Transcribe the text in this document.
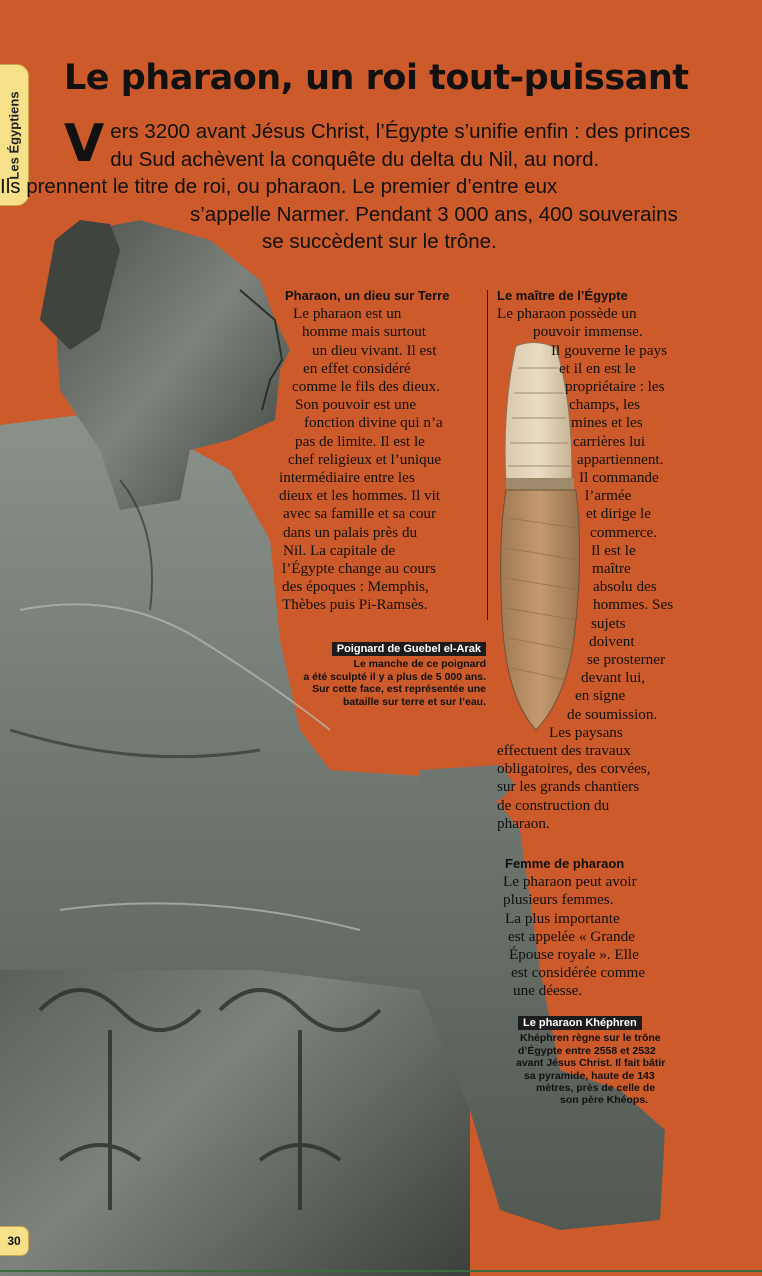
Les Égyptiens
Le pharaon, un roi tout-puissant
V ers 3200 avant Jésus Christ, l’Égypte s’unifie enfin : des princes
du Sud achèvent la conquête du delta du Nil, au nord.
Ils prennent le titre de roi, ou pharaon. Le premier d’entre eux
s’appelle Narmer. Pendant 3 000 ans, 400 souverains
se succèdent sur le trône.
Pharaon, un dieu sur Terre
Le pharaon est un
homme mais surtout
un dieu vivant. Il est
en effet considéré
comme le fils des dieux.
Son pouvoir est une
fonction divine qui n’a
pas de limite. Il est le
chef religieux et l’unique
intermédiaire entre les
dieux et les hommes. Il vit
avec sa famille et sa cour
dans un palais près du
Nil. La capitale de
l’Égypte change au cours
des époques : Memphis,
Thèbes puis Pi-Ramsès.
Le maître de l’Égypte
Le pharaon possède un
pouvoir immense.
Il gouverne le pays
et il en est le
propriétaire : les
champs, les
mines et les
carrières lui
appartiennent.
Il commande
l’armée
et dirige le
commerce.
Il est le
maître
absolu des
hommes. Ses
sujets
doivent
se prosterner
devant lui,
en signe
de soumission.
Les paysans
effectuent des travaux
obligatoires, des corvées,
sur les grands chantiers
de construction du
pharaon.
Femme de pharaon
Le pharaon peut avoir
plusieurs femmes.
La plus importante
est appelée « Grande
Épouse royale ». Elle
est considérée comme
une déesse.
Poignard de Guebel el-Arak

Le manche de ce poignard
a été sculpté il y a plus de 5 000 ans.
Sur cette face, est représentée une
bataille sur terre et sur l’eau.
Le pharaon Khéphren

Khéphren règne sur le trône
d’Égypte entre 2558 et 2532
avant Jésus Christ. Il fait bâtir
sa pyramide, haute de 143
mètres, près de celle de
son père Khéops.
30
